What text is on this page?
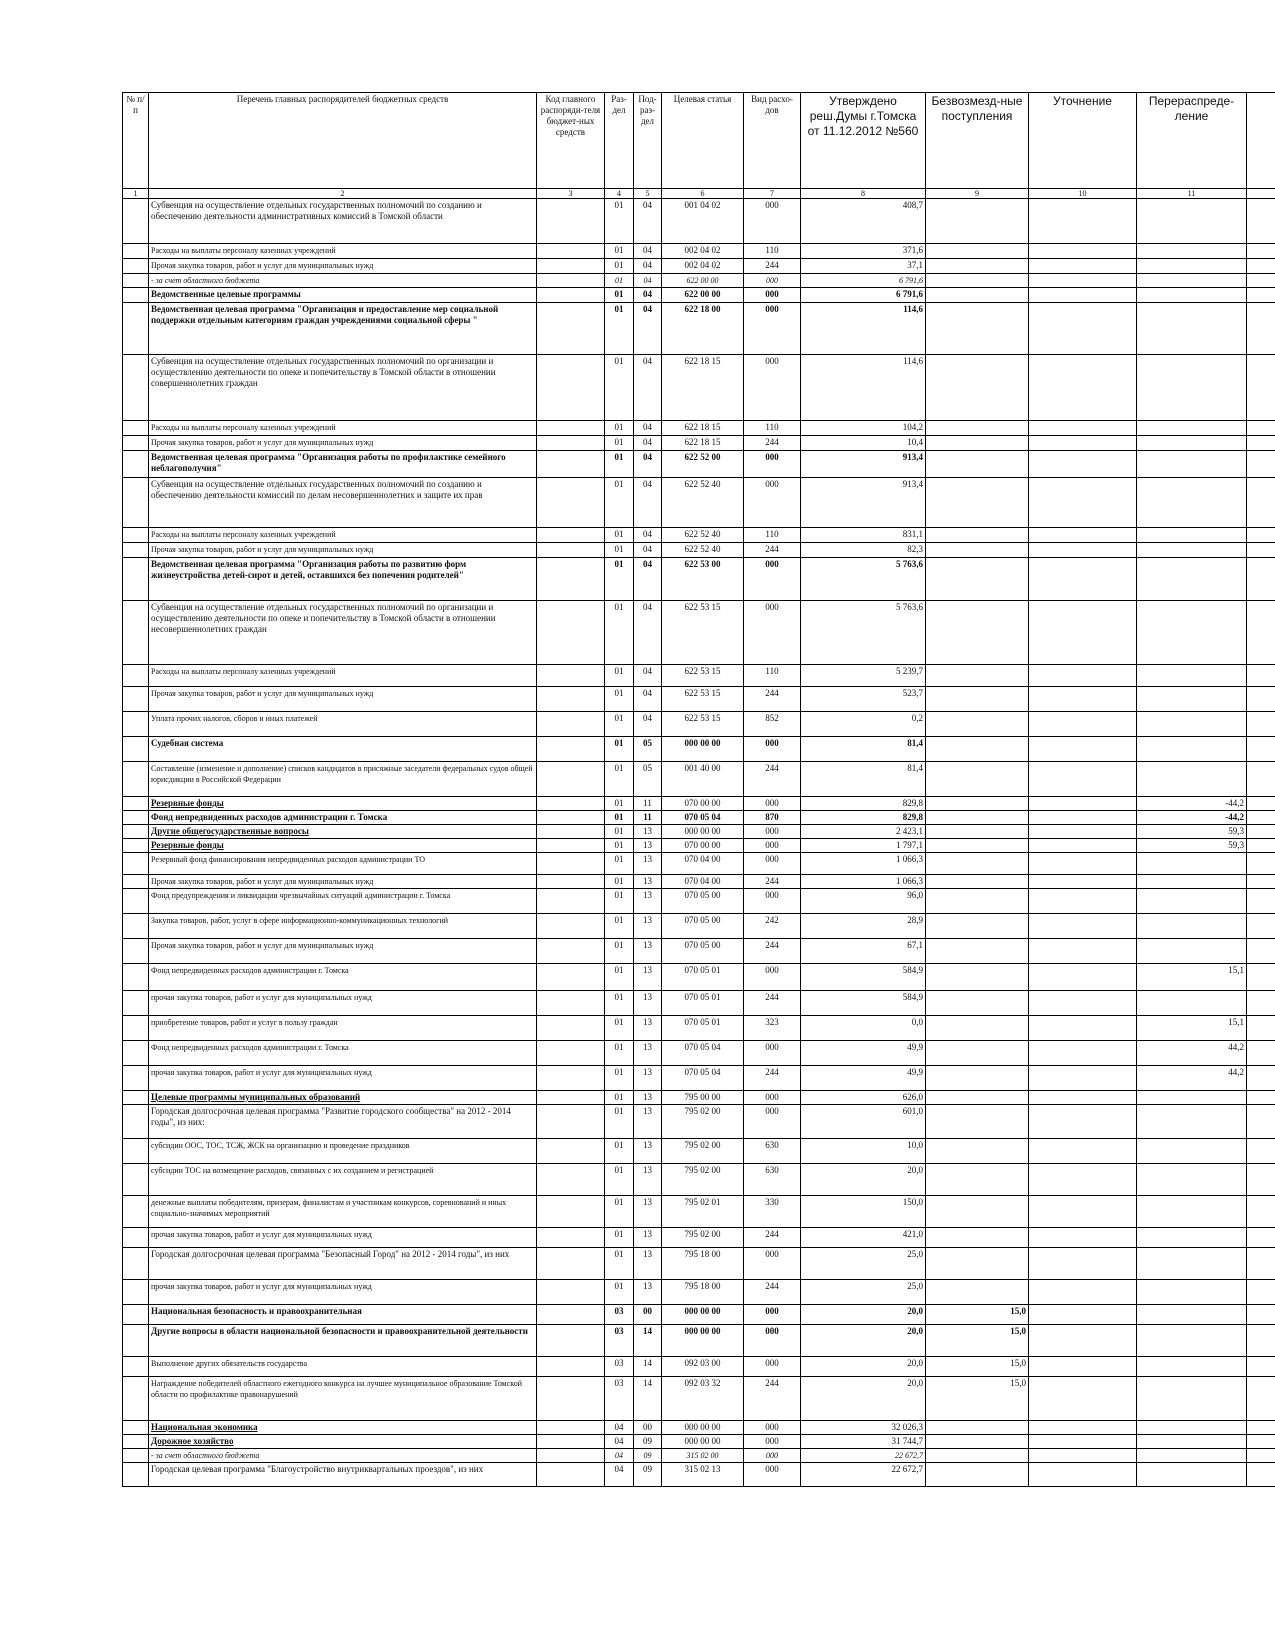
№ п/п	Перечень главных распорядителей бюджетных средств	Код главного распоряди-теля бюджет-ных средств	Раз-дел	Под-раз-дел	Целевая статья	Вид расхо-дов	Утверждено реш.Думы г.Томска от 11.12.2012 №560	Безвозмезд-ные поступления	Уточнение	Перераспреде-ление	
1	2	3	4	5	6	7	8	9	10	11	
	Субвенция на осуществление отдельных государственных полномочий по созданию и обеспечению деятельности административных комиссий в Томской области		01	04	001 04 02	000	408,7				
	Расходы на выплаты персоналу казенных учреждений		01	04	002 04 02	110	371,6				
	Прочая закупка товаров, работ и услуг для муниципальных нужд		01	04	002 04 02	244	37,1				
	- за счет областного бюджета		01	04	622 00 00	000	6 791,6				
	Ведомственные целевые программы		01	04	622 00 00	000	6 791,6				
	Ведомственная целевая программа "Организация и предоставление мер социальной поддержки отдельным категориям граждан учреждениями социальной сферы "		01	04	622 18 00	000	114,6				
	Субвенция на осуществление отдельных государственных полномочий по организации и осуществлению деятельности по опеке и попечительству в Томской области в отношении совершеннолетних граждан		01	04	622 18 15	000	114,6				
	Расходы на выплаты персоналу казенных учреждений		01	04	622 18 15	110	104,2				
	Прочая закупка товаров, работ и услуг для муниципальных нужд		01	04	622 18 15	244	10,4				
	Ведомственная целевая программа "Организация работы по профилактике семейного неблагополучия"		01	04	622 52 00	000	913,4				
	Субвенция на осуществление отдельных государственных полномочий по созданию и обеспечению деятельности комиссий по делам несовершеннолетних и защите их прав		01	04	622 52 40	000	913,4				
	Расходы на выплаты персоналу казенных учреждений		01	04	622 52 40	110	831,1				
	Прочая закупка товаров, работ и услуг для муниципальных нужд		01	04	622 52 40	244	82,3				
	Ведомственная целевая программа "Организация работы по развитию форм жизнеустройства детей-сирот и детей, оставшихся без попечения родителей"		01	04	622 53 00	000	5 763,6				
	Субвенция на осуществление отдельных государственных полномочий по организации и осуществлению деятельности по опеке и попечительству в Томской области в отношении несовершеннолетних граждан		01	04	622 53 15	000	5 763,6				
	Расходы на выплаты персоналу казенных учреждений		01	04	622 53 15	110	5 239,7				
	Прочая закупка товаров, работ и услуг для муниципальных нужд		01	04	622 53 15	244	523,7				
	Уплата прочих налогов, сборов и иных платежей		01	04	622 53 15	852	0,2				
	Судебная система		01	05	000 00 00	000	81,4				
	Составление (изменение и дополнение) списков кандидатов в присяжные заседатели федеральных судов общей юрисдикции в Российской Федерации		01	05	001 40 00	244	81,4				
	Резервные фонды		01	11	070 00 00	000	829,8			-44,2	
	Фонд непредвиденных расходов администрации г. Томска		01	11	070 05 04	870	829,8			-44,2	
	Другие общегосударственные вопросы		01	13	000 00 00	000	2 423,1			59,3	
	Резервные фонды		01	13	070 00 00	000	1 797,1			59,3	
	Резервный фонд финансирования непредвиденных расходов администрации ТО		01	13	070 04 00	000	1 066,3				
	Прочая закупка товаров, работ и услуг для муниципальных нужд		01	13	070 04 00	244	1 066,3				
	Фонд предупреждения и ликвидации чрезвычайных ситуаций администрации г. Томска		01	13	070 05 00	000	96,0				
	Закупка товаров, работ, услуг в сфере информационно-коммуникационных технологий		01	13	070 05 00	242	28,9				
	Прочая закупка товаров, работ и услуг для муниципальных нужд		01	13	070 05 00	244	67,1				
	Фонд непредвиденных расходов администрации г. Томска		01	13	070 05 01	000	584,9			15,1	
	прочая закупка товаров, работ и услуг для муниципальных нужд		01	13	070 05 01	244	584,9				
	приобретение товаров, работ и услуг в пользу граждан		01	13	070 05 01	323	0,0			15,1	
	Фонд непредвиденных расходов администрации г. Томска		01	13	070 05 04	000	49,9			44,2	
	прочая закупка товаров, работ и услуг для муниципальных нужд		01	13	070 05 04	244	49,9			44,2	
	Целевые программы муниципальных образований		01	13	795 00 00	000	626,0				
	Городская долгосрочная целевая программа "Развитие городского сообщества" на 2012 - 2014 годы", из них:		01	13	795 02 00	000	601,0				
	субсидии ООС, ТОС, ТСЖ, ЖСК на организацию и проведение праздников		01	13	795 02 00	630	10,0				
	субсидии ТОС на возмещение расходов, связанных с их созданием и регистрацией		01	13	795 02 00	630	20,0				
	денежные выплаты победителям, призерам, финалистам и участникам конкурсов, соревнований и иных социально-значимых мероприятий		01	13	795 02 01	330	150,0				
	прочая закупка товаров, работ и услуг для муниципальных нужд		01	13	795 02 00	244	421,0				
	Городская долгосрочная целевая программа "Безопасный Город" на 2012 - 2014 годы", из них		01	13	795 18 00	000	25,0				
	прочая закупка товаров, работ и услуг для муниципальных нужд		01	13	795 18 00	244	25,0				
	Национальная безопасность и правоохранительная		03	00	000 00 00	000	20,0	15,0			
	Другие вопросы в области национальной безопасности и правоохранительной деятельности		03	14	000 00 00	000	20,0	15,0			
	Выполнение других обязательств государства		03	14	092 03 00	000	20,0	15,0			
	Награждение победителей областного ежегодного конкурса на лучшее муниципальное образование Томской области по профилактике правонарушений		03	14	092 03 32	244	20,0	15,0			
	Национальная экономика		04	00	000 00 00	000	32 026,3				
	Дорожное хозяйство		04	09	000 00 00	000	31 744,7				
	- за счет областного бюджета		04	09	315 02 00	000	22 672,7				
	Городская целевая программа "Благоустройство внутриквартальных проездов", из них		04	09	315 02 13	000	22 672,7				
